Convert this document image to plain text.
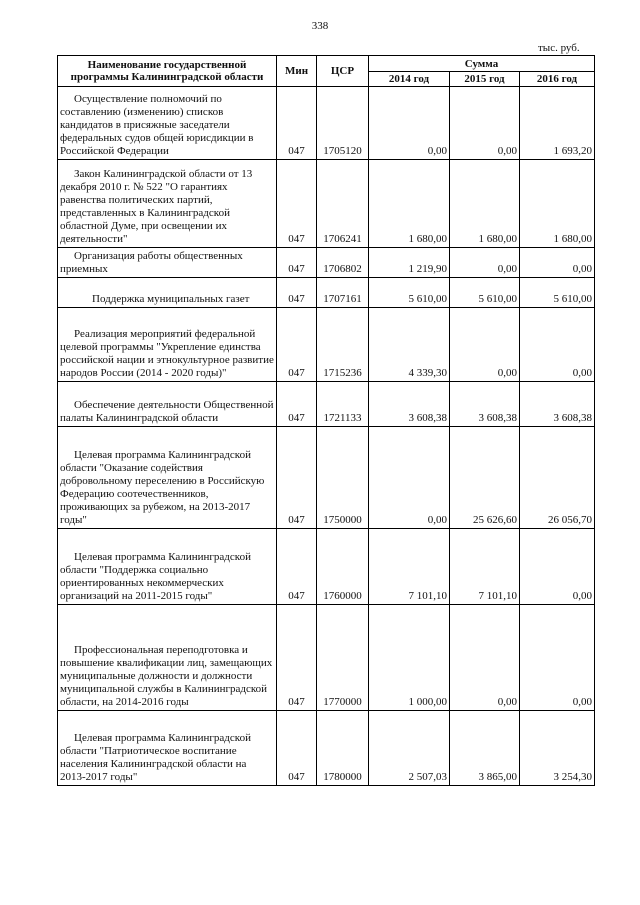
338
тыс. руб.
Наименование государственной программы Калининградской области	Мин	ЦСР	Сумма		
			2014 год	2015 год	2016 год

Осуществление полномочий по составлению (изменению) списков кандидатов в присяжные заседатели федеральных судов общей юрисдикции в Российской Федерации	047	1705120	0,00	0,00	1 693,20

Закон Калининградской области от 13 декабря 2010 г. № 522 "О гарантиях равенства политических партий, представленных в Калининградской областной Думе, при освещении их деятельности"	047	1706241	1 680,00	1 680,00	1 680,00

Организация работы общественных приемных	047	1706802	1 219,90	0,00	0,00

Поддержка муниципальных газет	047	1707161	5 610,00	5 610,00	5 610,00

Реализация мероприятий федеральной целевой программы "Укрепление единства российской нации и этнокультурное развитие народов России (2014 - 2020 годы)"	047	1715236	4 339,30	0,00	0,00

Обеспечение деятельности Общественной палаты Калининградской области	047	1721133	3 608,38	3 608,38	3 608,38

Целевая программа Калининградской области "Оказание содействия добровольному переселению в Российскую Федерацию соотечественников, проживающих за рубежом, на 2013-2017 годы"	047	1750000	0,00	25 626,60	26 056,70

Целевая программа Калининградской области "Поддержка социально ориентированных некоммерческих организаций на 2011-2015 годы"	047	1760000	7 101,10	7 101,10	0,00

Профессиональная переподготовка и повышение квалификации лиц, замещающих муниципальные должности и должности муниципальной службы в Калининградской области, на 2014-2016 годы	047	1770000	1 000,00	0,00	0,00

Целевая программа Калининградской области "Патриотическое воспитание населения Калининградской области на 2013-2017 годы"	047	1780000	2 507,03	3 865,00	3 254,30
